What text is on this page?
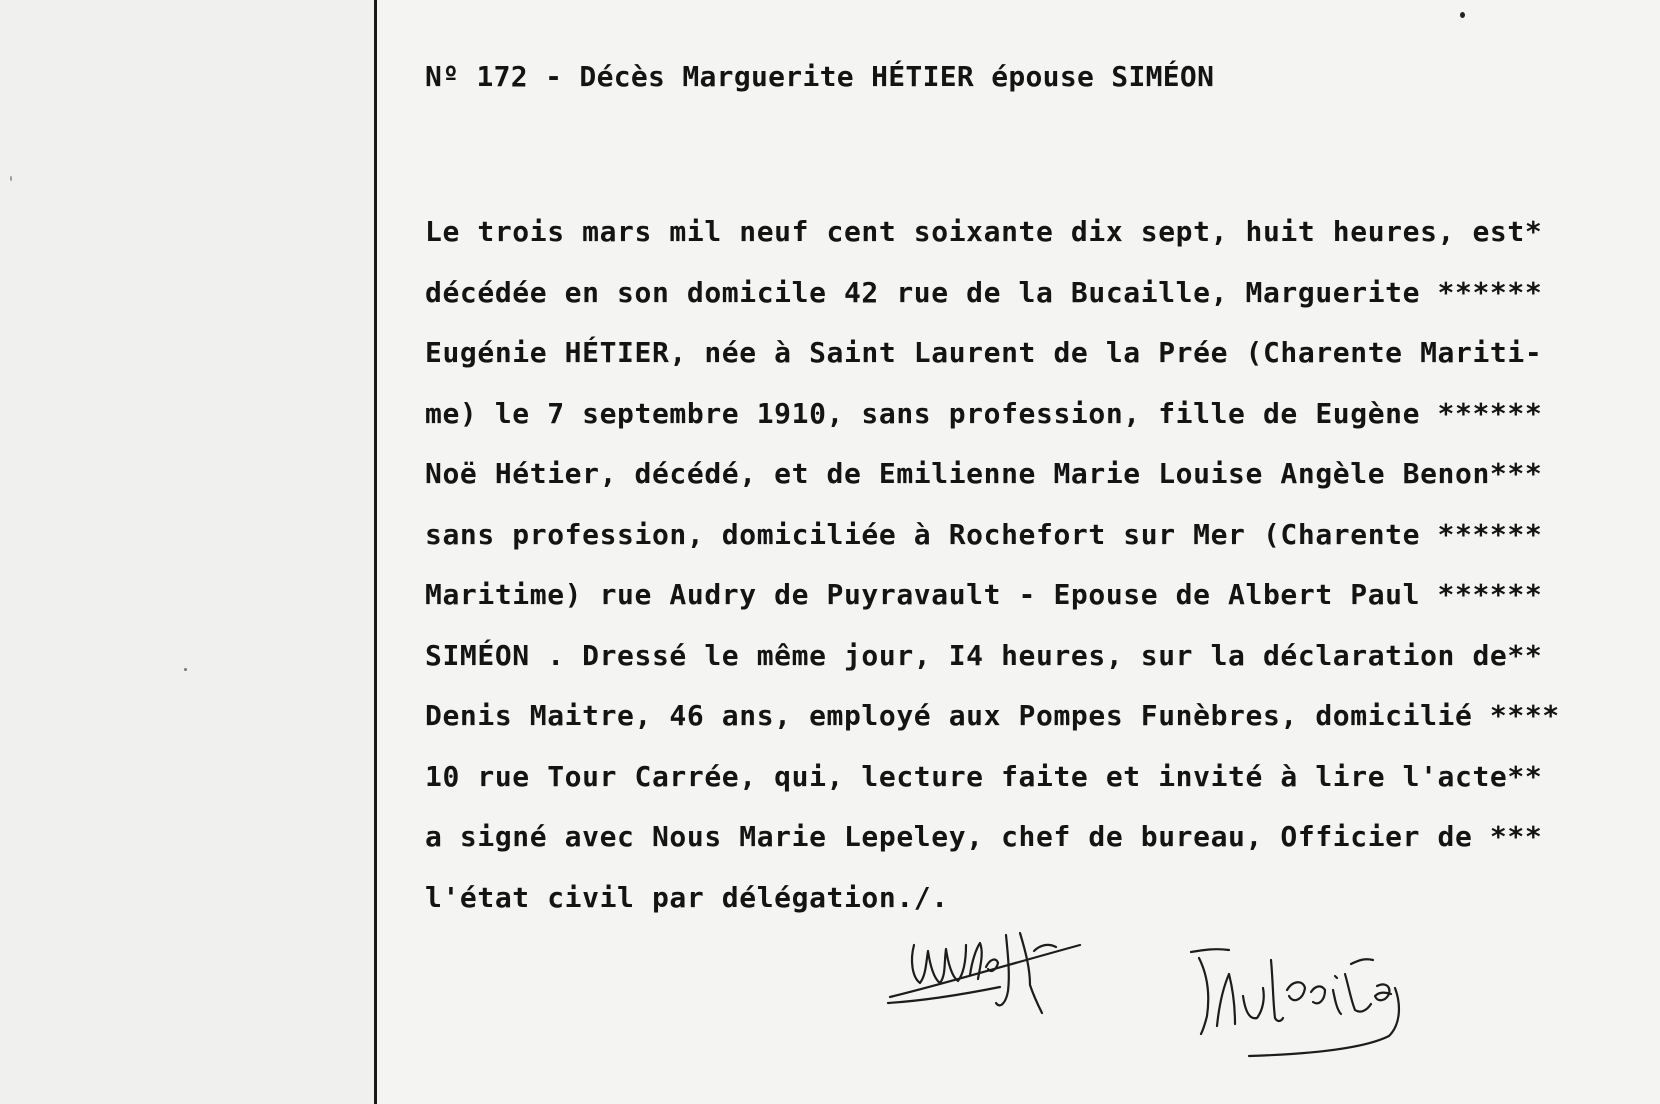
Nº 172 - Décès Marguerite HÉTIER épouse SIMÉON
Le trois mars mil neuf cent soixante dix sept, huit heures, est*
décédée en son domicile 42 rue de la Bucaille, Marguerite ******
Eugénie HÉTIER, née à Saint Laurent de la Prée (Charente Mariti-
me) le 7 septembre 1910, sans profession, fille de Eugène ******
Noë Hétier, décédé, et de Emilienne Marie Louise Angèle Benon***
sans profession, domiciliée à Rochefort sur Mer (Charente ******
Maritime) rue Audry de Puyravault - Epouse de Albert Paul ******
SIMÉON . Dressé le même jour, I4 heures, sur la déclaration de**
Denis Maitre, 46 ans, employé aux Pompes Funèbres, domicilié ****
10 rue Tour Carrée, qui, lecture faite et invité à lire l'acte**
a signé avec Nous Marie Lepeley, chef de bureau, Officier de ***
l'état civil par délégation./.
